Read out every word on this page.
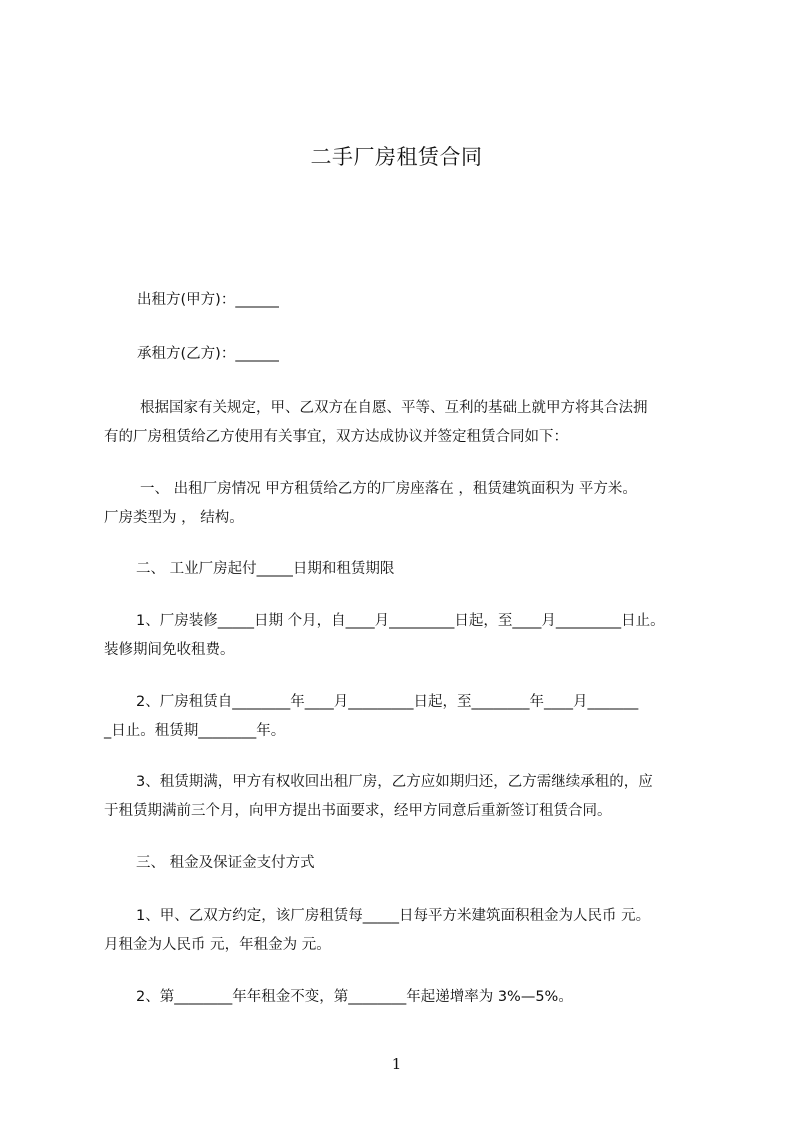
二手厂房租赁合同

出租方(甲方)：______

承租方(乙方)：______

根据国家有关规定，甲、乙双方在自愿、平等、互利的基础上就甲方将其合法拥
有的厂房租赁给乙方使用有关事宜，双方达成协议并签定租赁合同如下：
一、 出租厂房情况 甲方租赁给乙方的厂房座落在 ，租赁建筑面积为 平方米。
厂房类型为 ， 结构。

二、 工业厂房起付_____日期和租赁期限

1、厂房装修_____日期 个月，自____月_________日起，至____月_________日止。
装修期间免收租费。
2、厂房租赁自________年____月_________日起，至________年____月_______
_日止。租赁期________年。
3、租赁期满，甲方有权收回出租厂房，乙方应如期归还，乙方需继续承租的，应
于租赁期满前三个月，向甲方提出书面要求，经甲方同意后重新签订租赁合同。

三、 租金及保证金支付方式

1、甲、乙双方约定，该厂房租赁每_____日每平方米建筑面积租金为人民币 元。
月租金为人民币 元，年租金为 元。

2、第________年年租金不变，第________年起递增率为 3%—5%。

1
